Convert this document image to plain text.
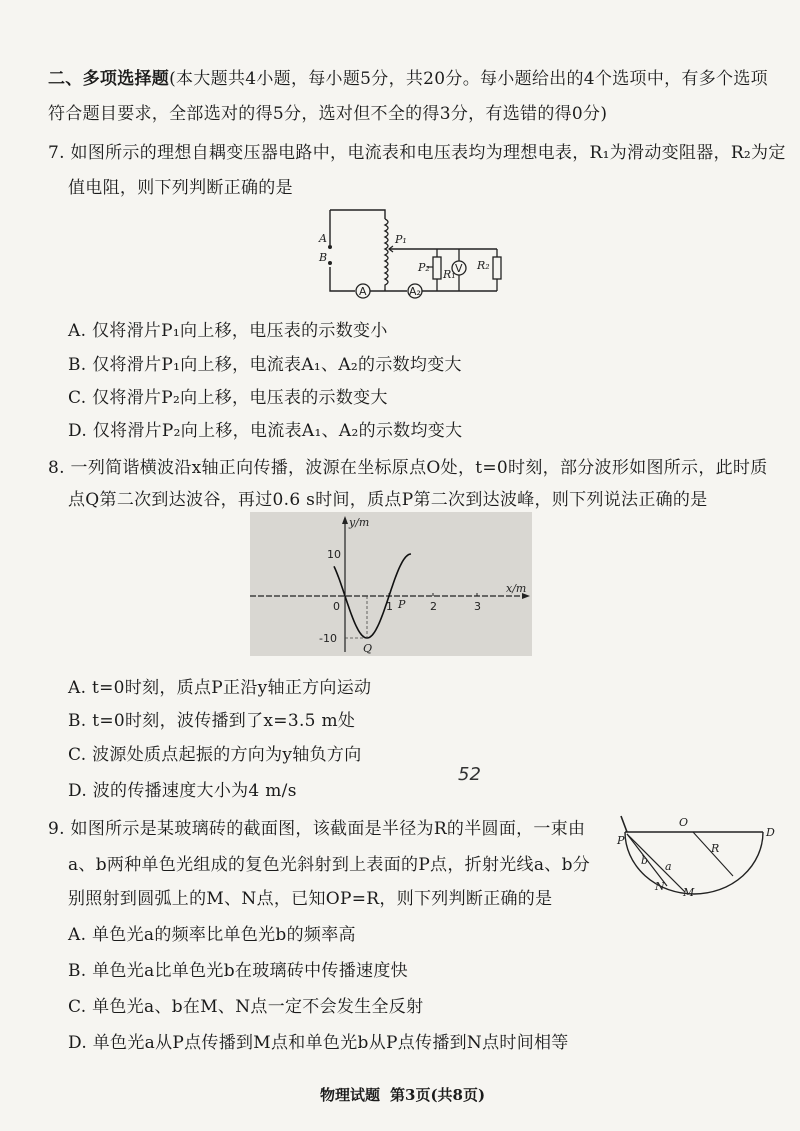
二、多项选择题(本大题共4小题，每小题5分，共20分。每小题给出的4个选项中，有多个选项
符合题目要求，全部选对的得5分，选对但不全的得3分，有选错的得0分)
7. 如图所示的理想自耦变压器电路中，电流表和电压表均为理想电表，R₁为滑动变阻器，R₂为定
值电阻，则下列判断正确的是
A
B
A	A₂
P₁
P₂
R₁ V R₂
A. 仅将滑片P₁向上移，电压表的示数变小
B. 仅将滑片P₁向上移，电流表A₁、A₂的示数均变大
C. 仅将滑片P₂向上移，电压表的示数变大
D. 仅将滑片P₂向上移，电流表A₁、A₂的示数均变大
8. 一列简谐横波沿x轴正向传播，波源在坐标原点O处，t=0时刻，部分波形如图所示，此时质
点Q第二次到达波谷，再过0.6 s时间，质点P第二次到达波峰，则下列说法正确的是
x/m
y/m
0	1	2	3
10
-10
P
Q
A. t=0时刻，质点P正沿y轴正方向运动
B. t=0时刻，波传播到了x=3.5 m处
C. 波源处质点起振的方向为y轴负方向
D. 波的传播速度大小为4 m/s
52
9. 如图所示是某玻璃砖的截面图，该截面是半径为R的半圆面，一束由
a、b两种单色光组成的复色光斜射到上表面的P点，折射光线a、b分
别照射到圆弧上的M、N点，已知OP=R，则下列判断正确的是
O
D
P
R
a
b
M
N
A. 单色光a的频率比单色光b的频率高
B. 单色光a比单色光b在玻璃砖中传播速度快
C. 单色光a、b在M、N点一定不会发生全反射
D. 单色光a从P点传播到M点和单色光b从P点传播到N点时间相等
物理试题 第3页(共8页)
